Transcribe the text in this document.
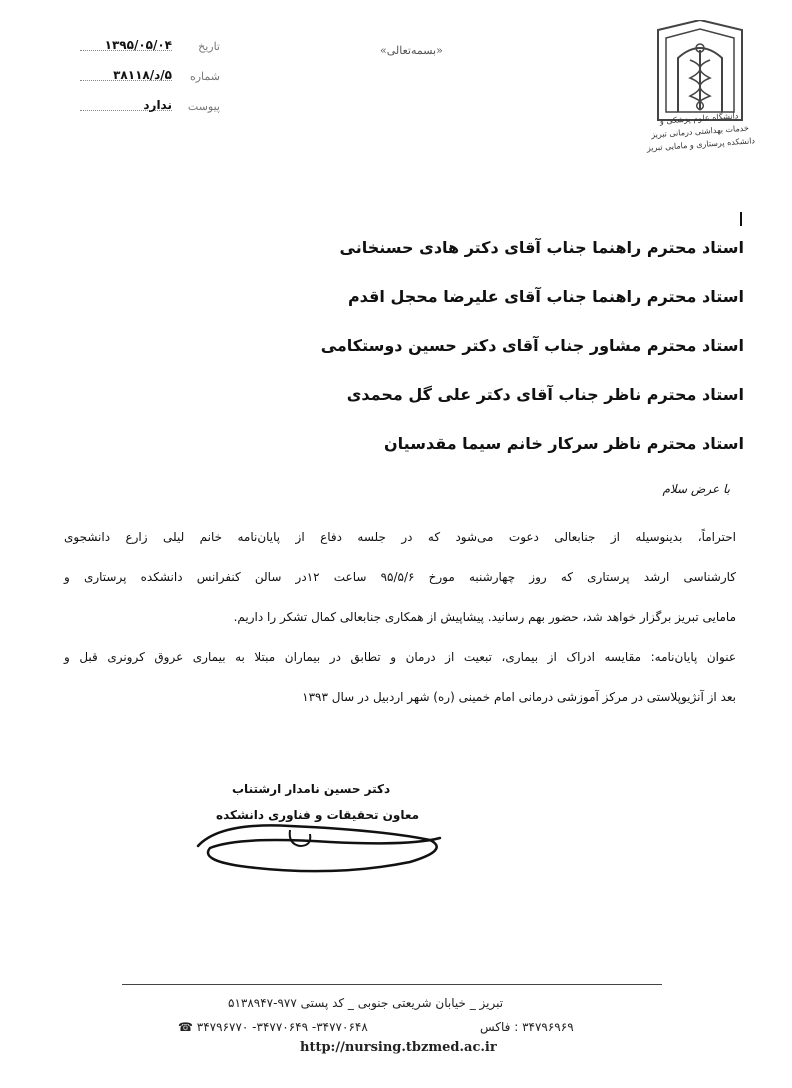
تاریخ
۱۳۹۵/۰۵/۰۴
شماره
۵/د/۳۸۱۱۸
پیوست
ندارد
«بسمه‌تعالی»
دانشگاه علوم پزشکی و
خدمات بهداشتی درمانی تبریز
دانشکده پرستاری و مامایی تبریز
استاد محترم راهنما جناب آقای دکتر هادی حسنخانی
استاد محترم راهنما جناب آقای علیرضا محجل اقدم
استاد محترم مشاور جناب آقای دکتر حسین دوستکامی
استاد محترم ناظر جناب آقای دکتر علی گل محمدی
استاد محترم ناظر سرکار خانم سیما مقدسیان
با عرض سلام
احتراماً، بدینوسیله از جنابعالی دعوت می‌شود که در جلسه دفاع از پایان‌نامه خانم لیلی زارع دانشجوی
کارشناسی ارشد پرستاری که روز چهارشنبه مورخ ۹۵/۵/۶ ساعت ۱۲در سالن کنفرانس دانشکده پرستاری و
مامایی تبریز برگزار خواهد شد، حضور بهم رسانید. پیشاپیش از همکاری جنابعالی کمال تشکر را داریم.
عنوان پایان‌نامه: مقایسه ادراک از بیماری، تبعیت از درمان و تطابق در بیماران مبتلا به بیماری عروق کرونری قبل و
بعد از آنژیوپلاستی در مرکز آموزشی درمانی امام خمینی (ره) شهر اردبیل در سال ۱۳۹۳
دکتر حسین نامدار ارشتناب
معاون تحقیقات و فناوری دانشکده
تبریز _ خیابان شریعتی جنوبی _ کد پستی ۹۷۷-۵۱۳۸۹۴۷
۳۴۷۷۰۶۴۸- ۳۴۷۷۰۶۴۹- ۳۴۷۹۶۷۷۰ ☎	۳۴۷۹۶۹۶۹ : فاکس
http://nursing.tbzmed.ac.ir
